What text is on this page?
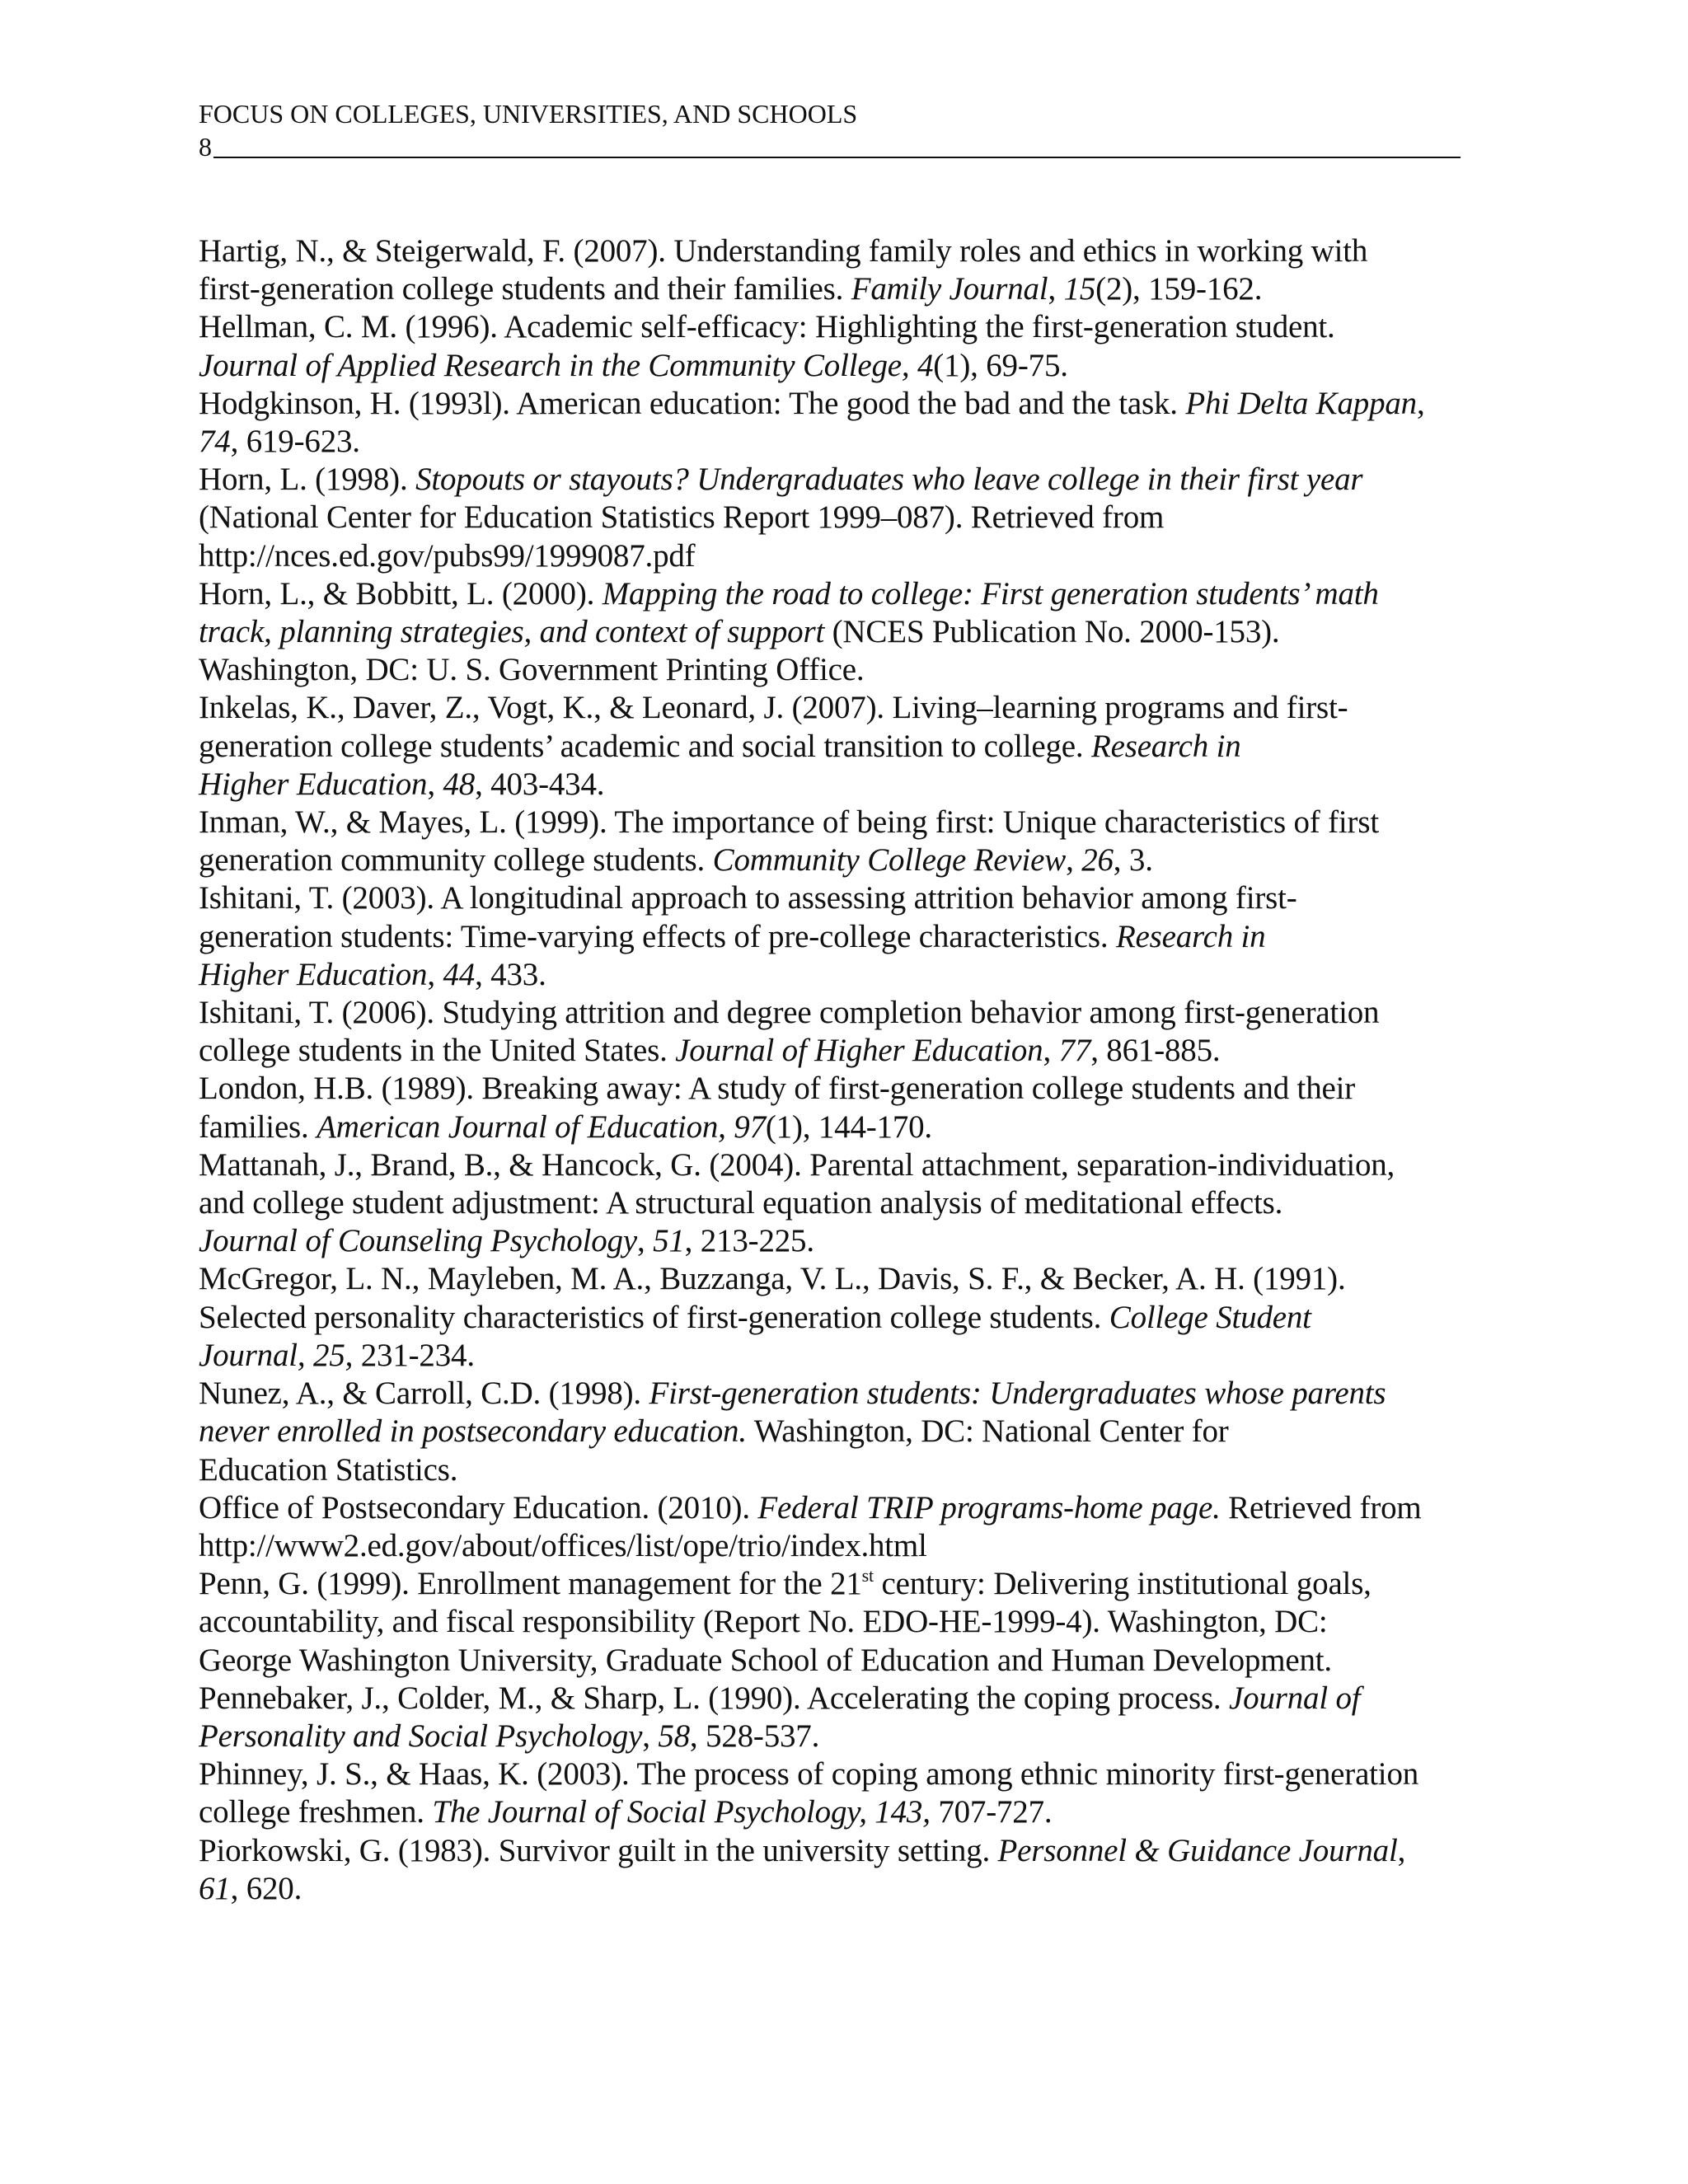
FOCUS ON COLLEGES, UNIVERSITIES, AND SCHOOLS
8
Hartig, N., & Steigerwald, F. (2007). Understanding family roles and ethics in working with
first-generation college students and their families. Family Journal, 15(2), 159-162.
Hellman, C. M. (1996). Academic self-efficacy: Highlighting the first-generation student.
Journal of Applied Research in the Community College, 4(1), 69-75.
Hodgkinson, H. (1993l). American education: The good the bad and the task. Phi Delta Kappan,
74, 619-623.
Horn, L. (1998). Stopouts or stayouts? Undergraduates who leave college in their first year
(National Center for Education Statistics Report 1999–087). Retrieved from
http://nces.ed.gov/pubs99/1999087.pdf
Horn, L., & Bobbitt, L. (2000). Mapping the road to college: First generation students’ math
track, planning strategies, and context of support (NCES Publication No. 2000-153).
Washington, DC: U. S. Government Printing Office.
Inkelas, K., Daver, Z., Vogt, K., & Leonard, J. (2007). Living–learning programs and first-
generation college students’ academic and social transition to college. Research in
Higher Education, 48, 403-434.
Inman, W., & Mayes, L. (1999). The importance of being first: Unique characteristics of first
generation community college students. Community College Review, 26, 3.
Ishitani, T. (2003). A longitudinal approach to assessing attrition behavior among first-
generation students: Time-varying effects of pre-college characteristics. Research in
Higher Education, 44, 433.
Ishitani, T. (2006). Studying attrition and degree completion behavior among first-generation
college students in the United States. Journal of Higher Education, 77, 861-885.
London, H.B. (1989). Breaking away: A study of first-generation college students and their
families. American Journal of Education, 97(1), 144-170.
Mattanah, J., Brand, B., & Hancock, G. (2004). Parental attachment, separation-individuation,
and college student adjustment: A structural equation analysis of meditational effects.
Journal of Counseling Psychology, 51, 213-225.
McGregor, L. N., Mayleben, M. A., Buzzanga, V. L., Davis, S. F., & Becker, A. H. (1991).
Selected personality characteristics of first-generation college students. College Student
Journal, 25, 231-234.
Nunez, A., & Carroll, C.D. (1998). First-generation students: Undergraduates whose parents
never enrolled in postsecondary education. Washington, DC: National Center for
Education Statistics.
Office of Postsecondary Education. (2010). Federal TRIP programs-home page. Retrieved from
http://www2.ed.gov/about/offices/list/ope/trio/index.html
Penn, G. (1999). Enrollment management for the 21st century: Delivering institutional goals,
accountability, and fiscal responsibility (Report No. EDO-HE-1999-4). Washington, DC:
George Washington University, Graduate School of Education and Human Development.
Pennebaker, J., Colder, M., & Sharp, L. (1990). Accelerating the coping process. Journal of
Personality and Social Psychology, 58, 528-537.
Phinney, J. S., & Haas, K. (2003). The process of coping among ethnic minority first-generation
college freshmen. The Journal of Social Psychology, 143, 707-727.
Piorkowski, G. (1983). Survivor guilt in the university setting. Personnel & Guidance Journal,
61, 620.
